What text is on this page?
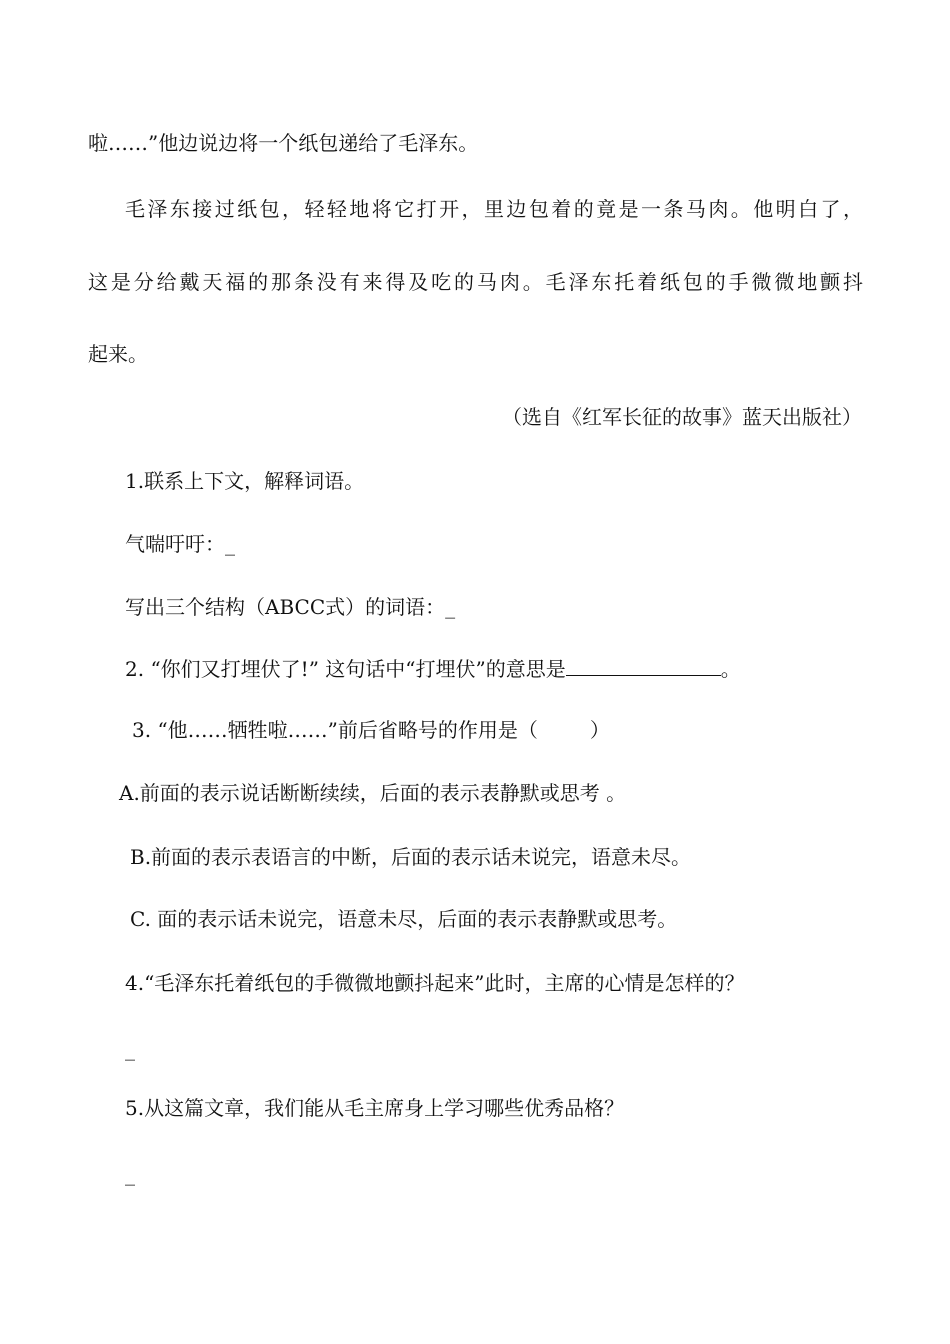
啦……”他边说边将一个纸包递给了毛泽东。
毛泽东接过纸包，轻轻地将它打开，里边包着的竟是一条马肉。他明白了，
这是分给戴天福的那条没有来得及吃的马肉。毛泽东托着纸包的手微微地颤抖
起来。
（选自《红军长征的故事》蓝天出版社）
1.联系上下文，解释词语。
气喘吁吁：_
写出三个结构（ABCC式）的词语：_
2. “你们又打埋伏了!” 这句话中“打埋伏”的意思是	。
3. “他……牺牲啦……”前后省略号的作用是（	）
A.前面的表示说话断断续续，后面的表示表静默或思考 。
B.前面的表示表语言的中断，后面的表示话未说完，语意未尽。
C. 面的表示话未说完，语意未尽，后面的表示表静默或思考。
4.“毛泽东托着纸包的手微微地颤抖起来”此时，主席的心情是怎样的？
_
5.从这篇文章，我们能从毛主席身上学习哪些优秀品格？
_
